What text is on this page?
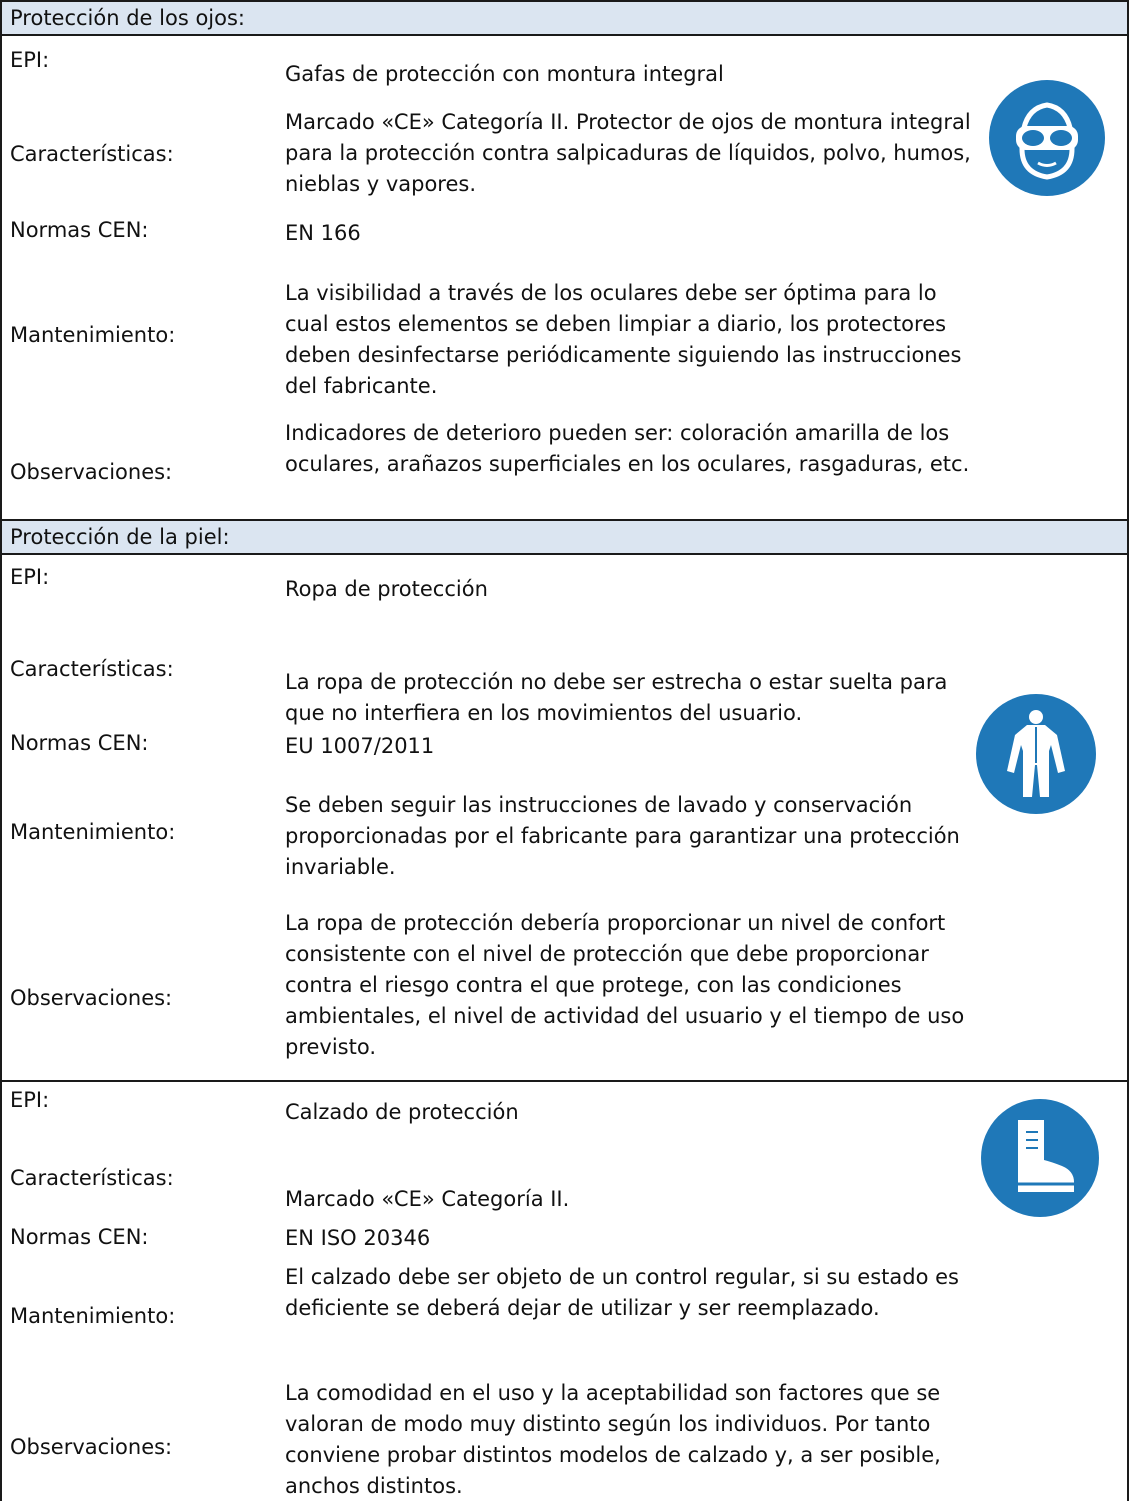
Protección de los ojos:
EPI:
Gafas de protección con montura integral
Características:
Marcado «CE» Categoría II. Protector de ojos de montura integral para la protección contra salpicaduras de líquidos, polvo, humos, nieblas y vapores.
Normas CEN:	EN 166
Mantenimiento:
La visibilidad a través de los oculares debe ser óptima para lo cual estos elementos se deben limpiar a diario, los protectores deben desinfectarse periódicamente siguiendo las instrucciones del fabricante.
Observaciones:
Indicadores de deterioro pueden ser: coloración amarilla de los oculares, arañazos superficiales en los oculares, rasgaduras, etc.
Protección de la piel:
EPI:	Ropa de protección
Características:
La ropa de protección no debe ser estrecha o estar suelta para que no interfiera en los movimientos del usuario.
Normas CEN:	EU 1007/2011
Mantenimiento:
Se deben seguir las instrucciones de lavado y conservación proporcionadas por el fabricante para garantizar una protección invariable.
Observaciones:
La ropa de protección debería proporcionar un nivel de confort consistente con el nivel de protección que debe proporcionar contra el riesgo contra el que protege, con las condiciones ambientales, el nivel de actividad del usuario y el tiempo de uso previsto.
EPI:	Calzado de protección
Características:
Marcado «CE» Categoría II.
Normas CEN:	EN ISO 20346
Mantenimiento:
El calzado debe ser objeto de un control regular, si su estado es deficiente se deberá dejar de utilizar y ser reemplazado.
Observaciones:
La comodidad en el uso y la aceptabilidad son factores que se valoran de modo muy distinto según los individuos. Por tanto conviene probar distintos modelos de calzado y, a ser posible, anchos distintos.
